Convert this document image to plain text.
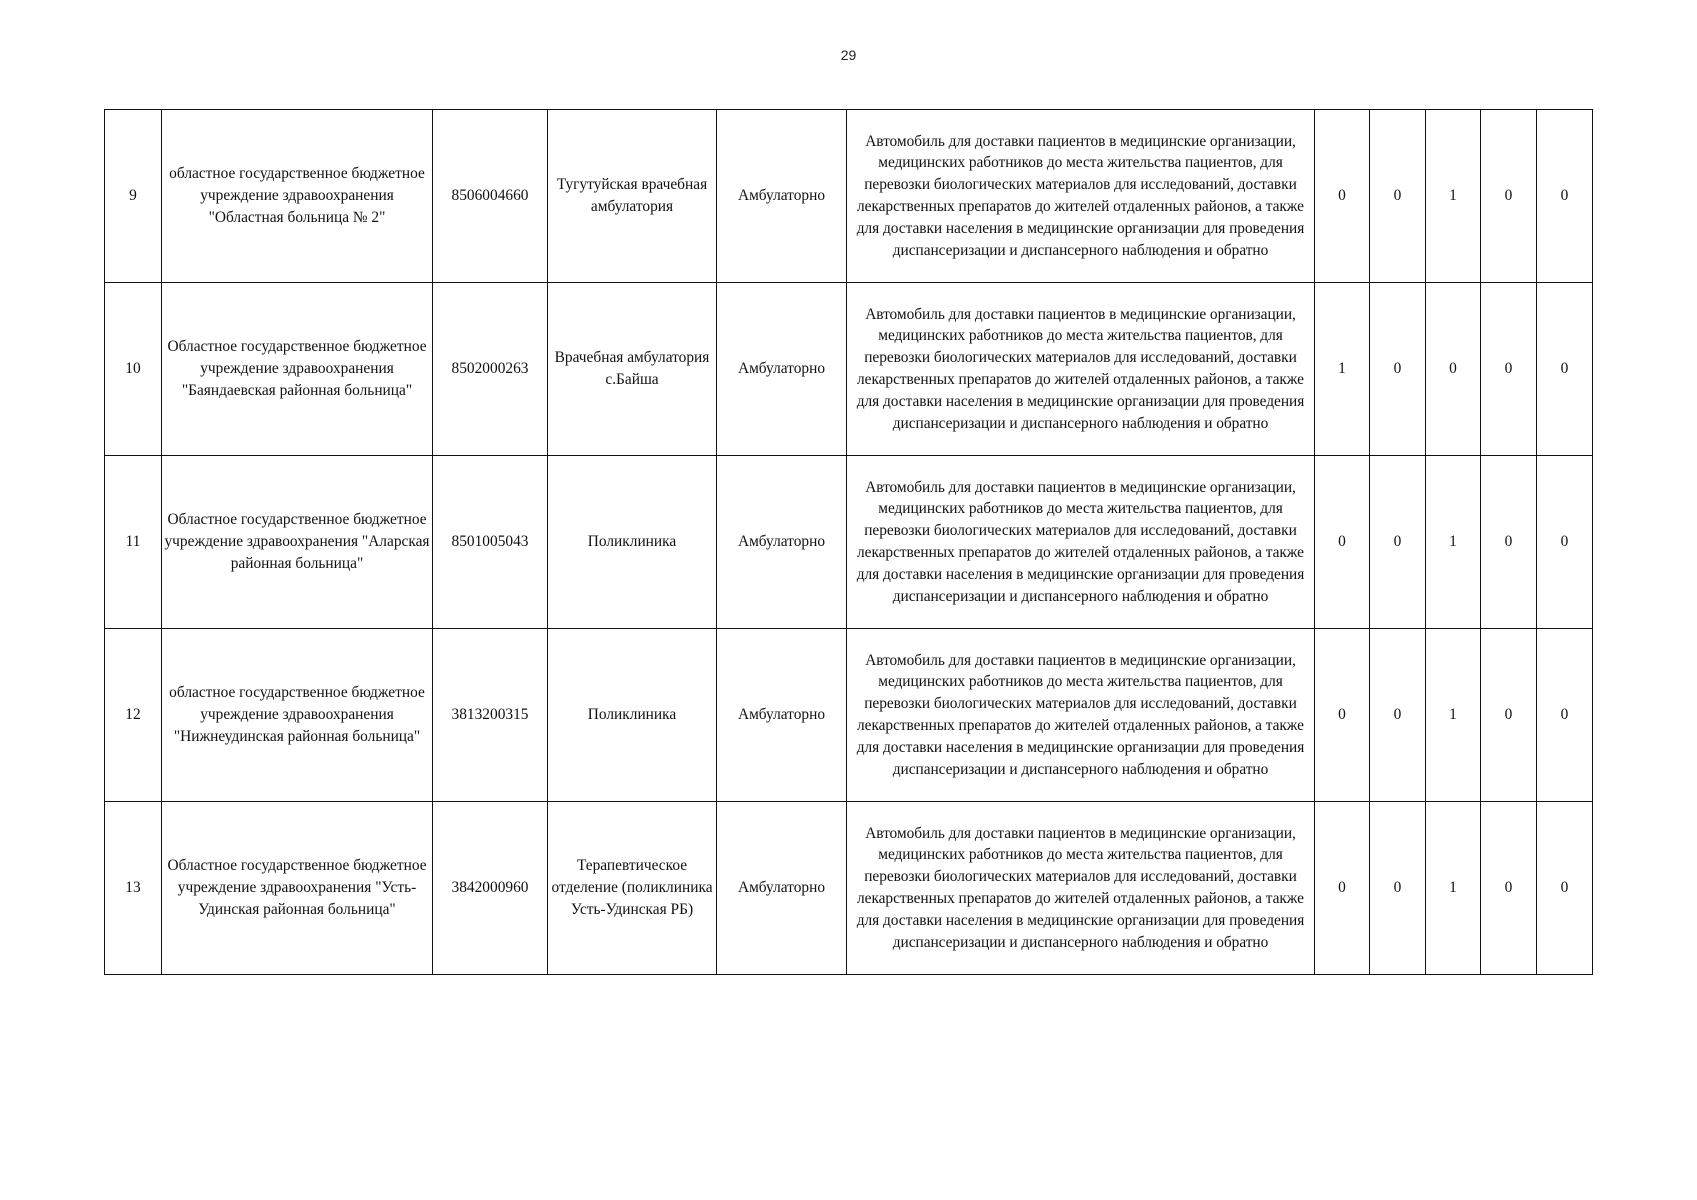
29
9	областное государственное бюджетное учреждение здравоохранения "Областная больница № 2"	8506004660	Тугутуйская врачебная амбулатория	Амбулаторно	Автомобиль для доставки пациентов в медицинские организации, медицинских работников до места жительства пациентов, для перевозки биологических материалов для исследований, доставки лекарственных препаратов до жителей отдаленных районов, а также для доставки населения в медицинские организации для проведения диспансеризации и диспансерного наблюдения и обратно	0	0	1	0	0
10	Областное государственное бюджетное учреждение здравоохранения "Баяндаевская районная больница"	8502000263	Врачебная амбулатория с.Байша	Амбулаторно	Автомобиль для доставки пациентов в медицинские организации, медицинских работников до места жительства пациентов, для перевозки биологических материалов для исследований, доставки лекарственных препаратов до жителей отдаленных районов, а также для доставки населения в медицинские организации для проведения диспансеризации и диспансерного наблюдения и обратно	1	0	0	0	0
11	Областное государственное бюджетное учреждение здравоохранения "Аларская районная больница"	8501005043	Поликлиника	Амбулаторно	Автомобиль для доставки пациентов в медицинские организации, медицинских работников до места жительства пациентов, для перевозки биологических материалов для исследований, доставки лекарственных препаратов до жителей отдаленных районов, а также для доставки населения в медицинские организации для проведения диспансеризации и диспансерного наблюдения и обратно	0	0	1	0	0
12	областное государственное бюджетное учреждение здравоохранения "Нижнеудинская районная больница"	3813200315	Поликлиника	Амбулаторно	Автомобиль для доставки пациентов в медицинские организации, медицинских работников до места жительства пациентов, для перевозки биологических материалов для исследований, доставки лекарственных препаратов до жителей отдаленных районов, а также для доставки населения в медицинские организации для проведения диспансеризации и диспансерного наблюдения и обратно	0	0	1	0	0
13	Областное государственное бюджетное учреждение здравоохранения "Усть-Удинская районная больница"	3842000960	Терапевтическое отделение (поликлиника Усть-Удинская РБ)	Амбулаторно	Автомобиль для доставки пациентов в медицинские организации, медицинских работников до места жительства пациентов, для перевозки биологических материалов для исследований, доставки лекарственных препаратов до жителей отдаленных районов, а также для доставки населения в медицинские организации для проведения диспансеризации и диспансерного наблюдения и обратно	0	0	1	0	0
